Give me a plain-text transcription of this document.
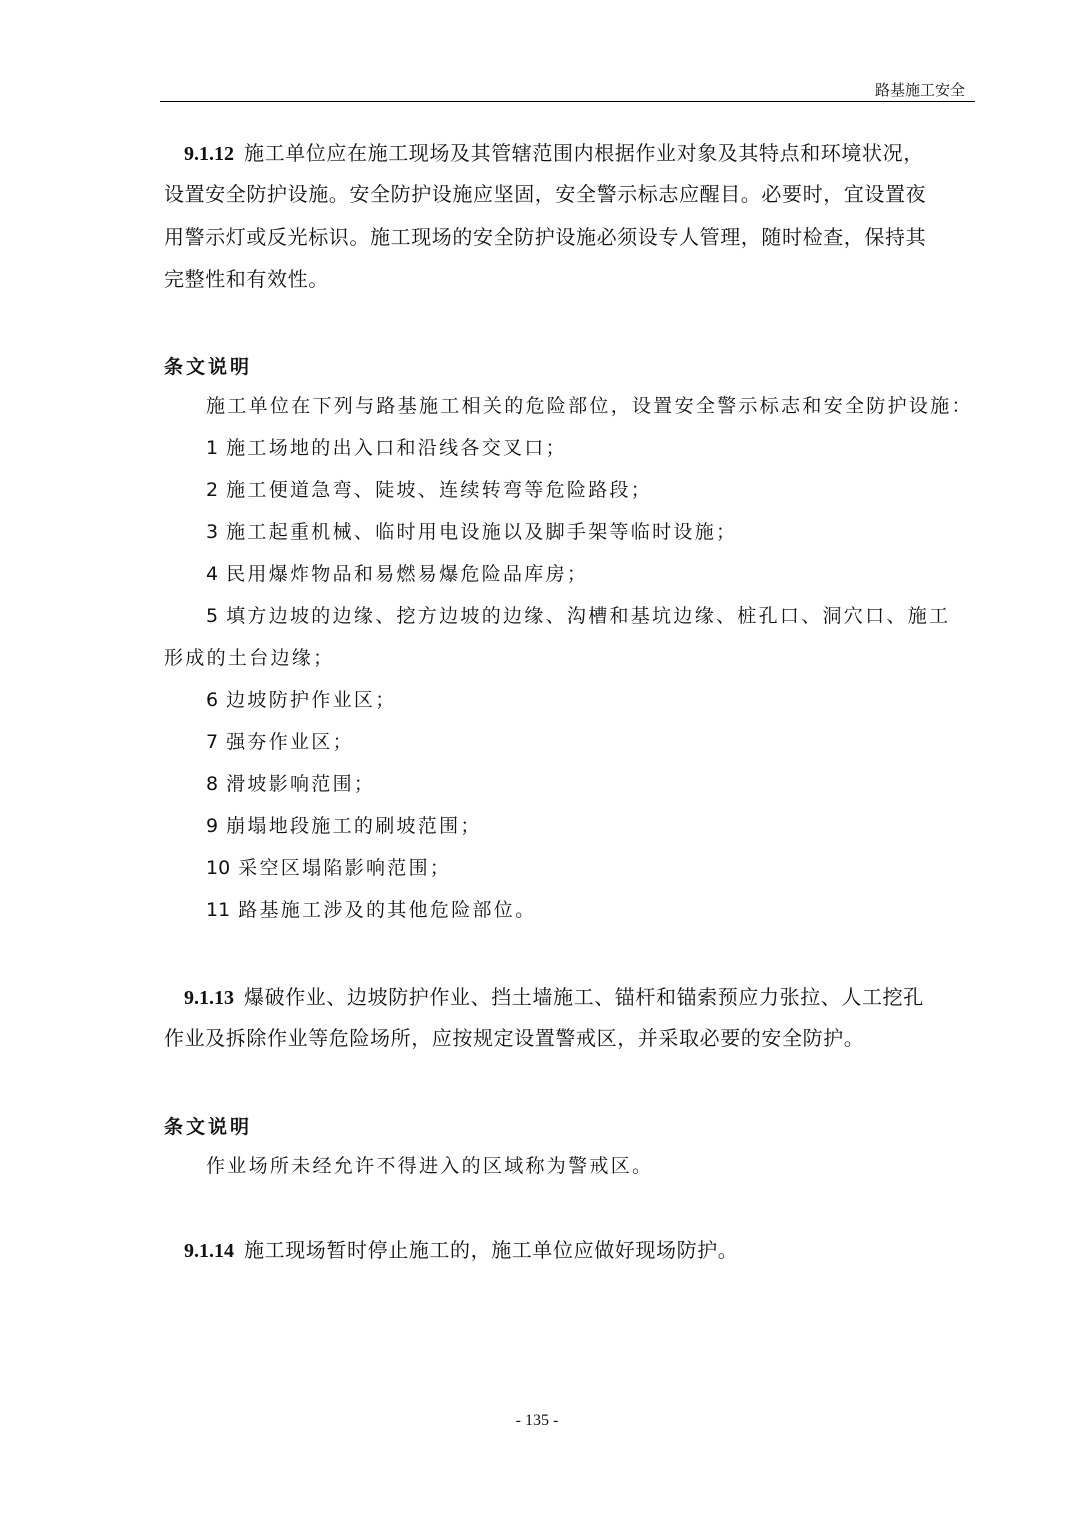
路基施工安全
9.1.12 施工单位应在施工现场及其管辖范围内根据作业对象及其特点和环境状况，
设置安全防护设施。安全防护设施应坚固，安全警示标志应醒目。必要时，宜设置夜
用警示灯或反光标识。施工现场的安全防护设施必须设专人管理，随时检查，保持其
完整性和有效性。
条文说明
施工单位在下列与路基施工相关的危险部位，设置安全警示标志和安全防护设施：
1 施工场地的出入口和沿线各交叉口；
2 施工便道急弯、陡坡、连续转弯等危险路段；
3 施工起重机械、临时用电设施以及脚手架等临时设施；
4 民用爆炸物品和易燃易爆危险品库房；
5 填方边坡的边缘、挖方边坡的边缘、沟槽和基坑边缘、桩孔口、洞穴口、施工
形成的土台边缘；
6 边坡防护作业区；
7 强夯作业区；
8 滑坡影响范围；
9 崩塌地段施工的刷坡范围；
10 采空区塌陷影响范围；
11 路基施工涉及的其他危险部位。
9.1.13 爆破作业、边坡防护作业、挡土墙施工、锚杆和锚索预应力张拉、人工挖孔
作业及拆除作业等危险场所，应按规定设置警戒区，并采取必要的安全防护。
条文说明
作业场所未经允许不得进入的区域称为警戒区。
9.1.14 施工现场暂时停止施工的，施工单位应做好现场防护。
- 135 -
